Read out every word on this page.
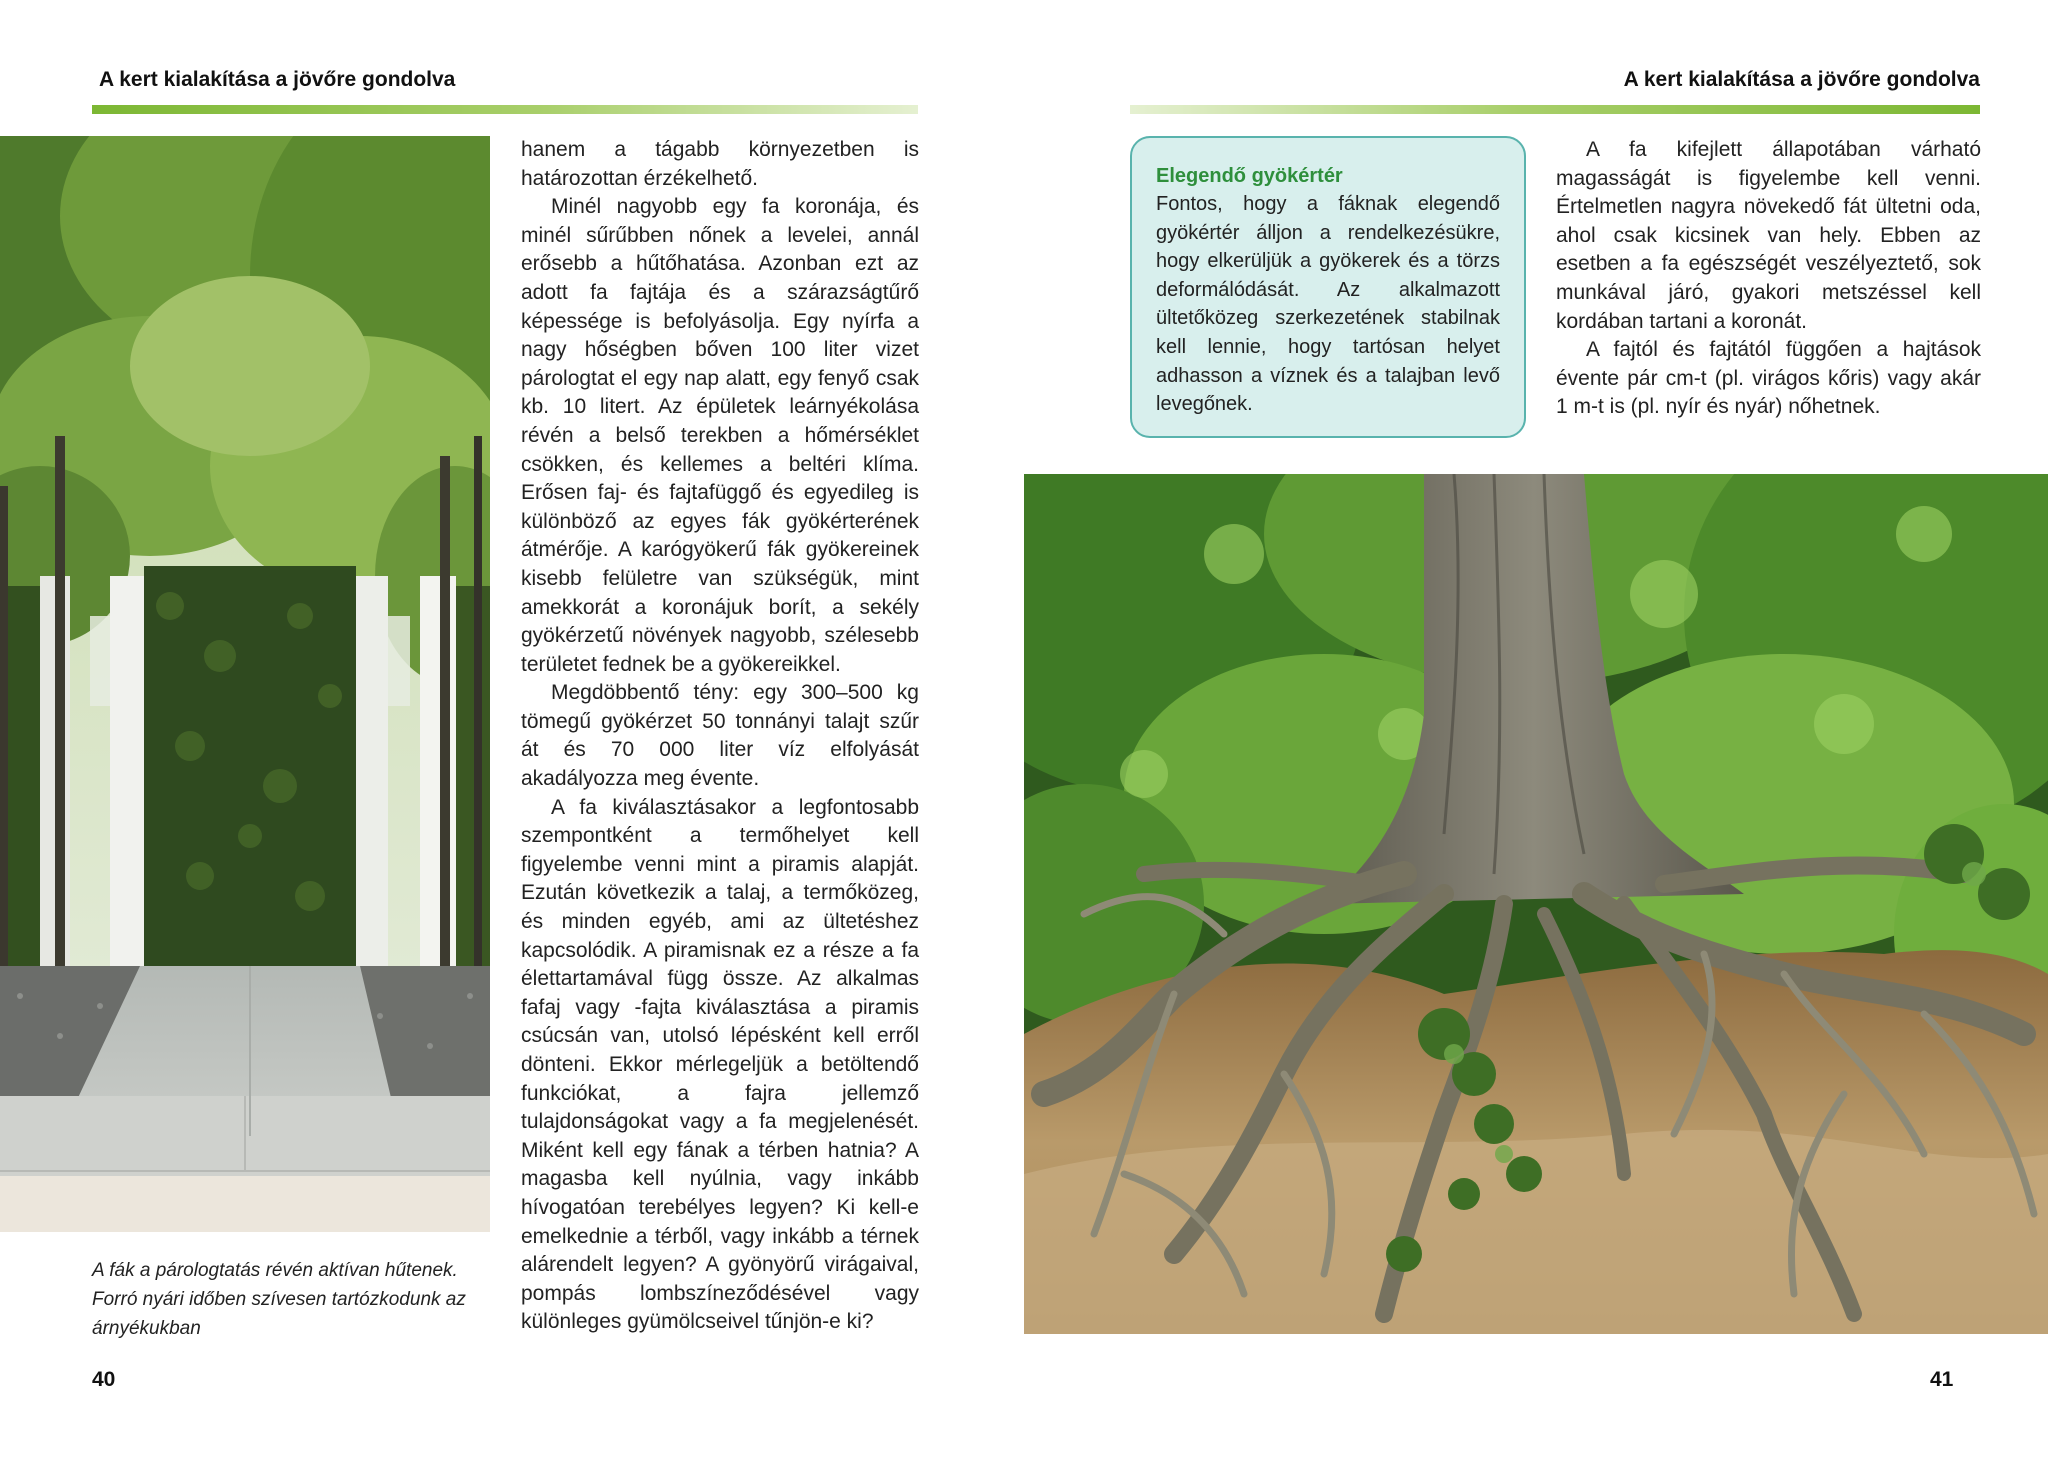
A kert kialakítása a jövőre gondolva
A fák a párologtatás révén aktívan hűtenek. Forró nyári időben szívesen tartózkodunk az árnyékukban

hanem a tágabb környezetben is határozottan érzékelhető.

Minél nagyobb egy fa koronája, és minél sűrűbben nőnek a levelei, annál erősebb a hűtőhatása. Azonban ezt az adott fa fajtája és a szárazságtűrő képessége is befolyásolja. Egy nyírfa a nagy hőségben bőven 100 liter vizet párologtat el egy nap alatt, egy fenyő csak kb. 10 litert. Az épületek leárnyékolása révén a belső terekben a hőmérséklet csökken, és kellemes a beltéri klíma. Erősen faj- és fajtafüggő és egyedileg is különböző az egyes fák gyökérterének átmérője. A karógyökerű fák gyökereinek kisebb felületre van szükségük, mint amekkorát a koronájuk borít, a sekély gyökérzetű növények nagyobb, szélesebb területet fednek be a gyökereikkel.

Megdöbbentő tény: egy 300–500 kg tömegű gyökérzet 50 tonnányi talajt szűr át és 70 000 liter víz elfolyását akadályozza meg évente.

A fa kiválasztásakor a legfontosabb szempontként a termőhelyet kell figyelembe venni mint a piramis alapját. Ezután következik a talaj, a termőközeg, és minden egyéb, ami az ültetéshez kapcsolódik. A piramisnak ez a része a fa élettartamával függ össze. Az alkalmas fafaj vagy -fajta kiválasztása a piramis csúcsán van, utolsó lépésként kell erről dönteni. Ekkor mérlegeljük a betöltendő funkciókat, a fajra jellemző tulajdonságokat vagy a fa megjelenését. Miként kell egy fának a térben hatnia? A magasba kell nyúlnia, vagy inkább hívogatóan terebélyes legyen? Ki kell-e emelkednie a térből, vagy inkább a térnek alárendelt legyen? A gyönyörű virágaival, pompás lombszíneződésével vagy különleges gyümölcseivel tűnjön-e ki?

40
A kert kialakítása a jövőre gondolva
Elegendő gyökértér
Fontos, hogy a fáknak elegendő gyökértér álljon a rendelkezésükre, hogy elkerüljük a gyökerek és a törzs deformálódását. Az alkalmazott ültetőközeg szerkezetének stabilnak kell lennie, hogy tartósan helyet adhasson a víznek és a talajban levő levegőnek.

A fa kifejlett állapotában várható magasságát is figyelembe kell venni. Értelmetlen nagyra növekedő fát ültetni oda, ahol csak kicsinek van hely. Ebben az esetben a fa egészségét veszélyeztető, sok munkával járó, gyakori metszéssel kell kordában tartani a koronát.

A fajtól és fajtától függően a hajtások évente pár cm-t (pl. virágos kőris) vagy akár 1 m-t is (pl. nyír és nyár) nőhetnek.

41
